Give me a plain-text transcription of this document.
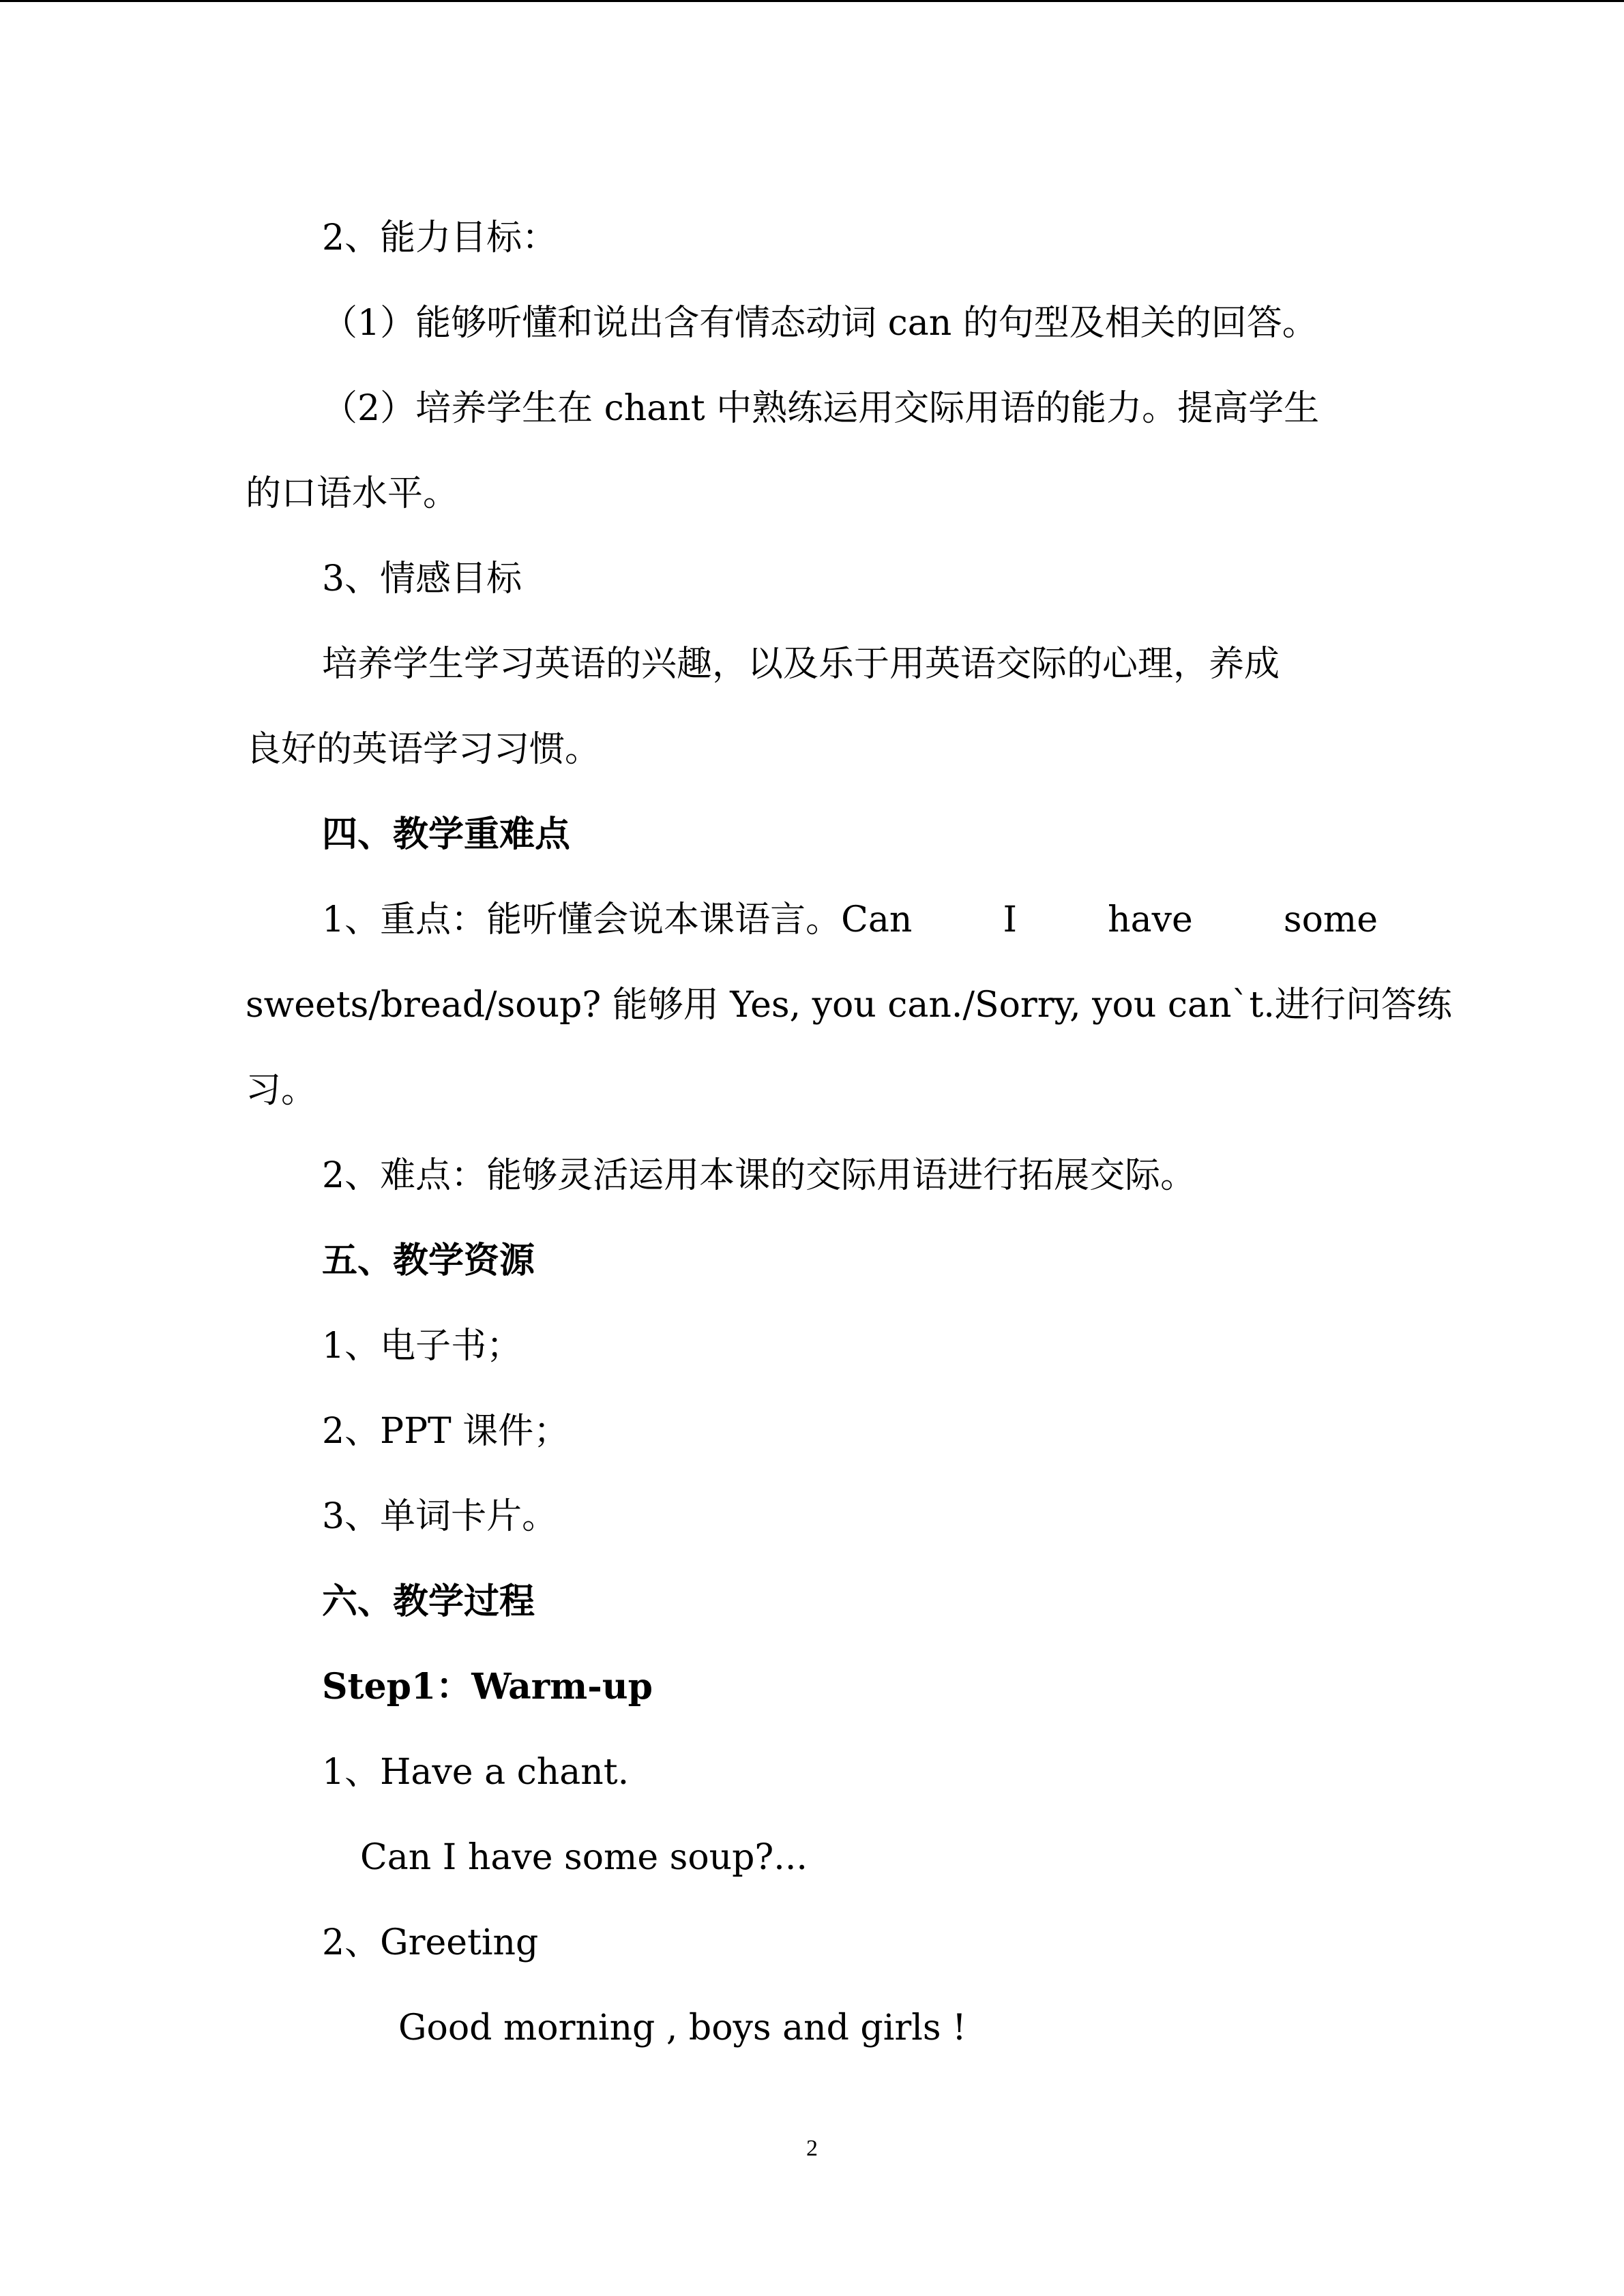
2、能力目标：
（1）能够听懂和说出含有情态动词 can 的句型及相关的回答。
（2）培养学生在 chant 中熟练运用交际用语的能力。提高学生
的口语水平。
3、情感目标
培养学生学习英语的兴趣，以及乐于用英语交际的心理，养成
良好的英语学习习惯。
四、教学重难点
1、重点：能听懂会说本课语言。Can	I	have	some
sweets/bread/soup? 能够用 Yes, you can./Sorry, you can`t.进行问答练
习。
2、难点：能够灵活运用本课的交际用语进行拓展交际。
五、教学资源
1、电子书；
2、PPT 课件；
3、单词卡片。
六、教学过程
Step1：Warm-up
1、Have a chant.
Can I have some soup?...
2、Greeting
Good morning , boys and girls !
2
